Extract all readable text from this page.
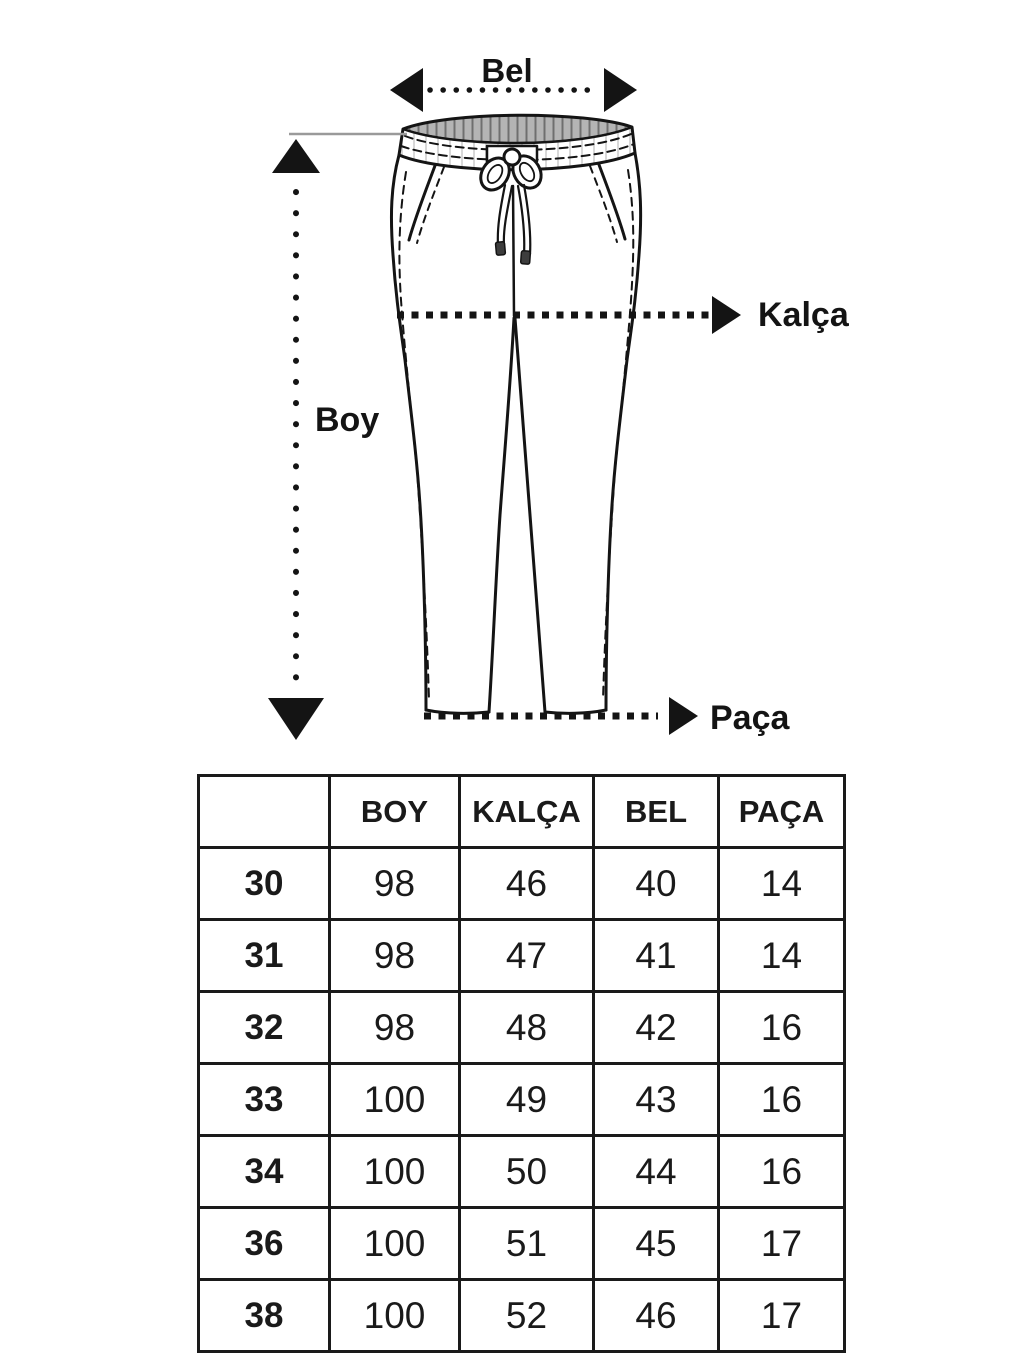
Bel
Boy
Kalça
Paça
	BOY	KALÇA	BEL	PAÇA
30	98	46	40	14
31	98	47	41	14
32	98	48	42	16
33	100	49	43	16
34	100	50	44	16
36	100	51	45	17
38	100	52	46	17
